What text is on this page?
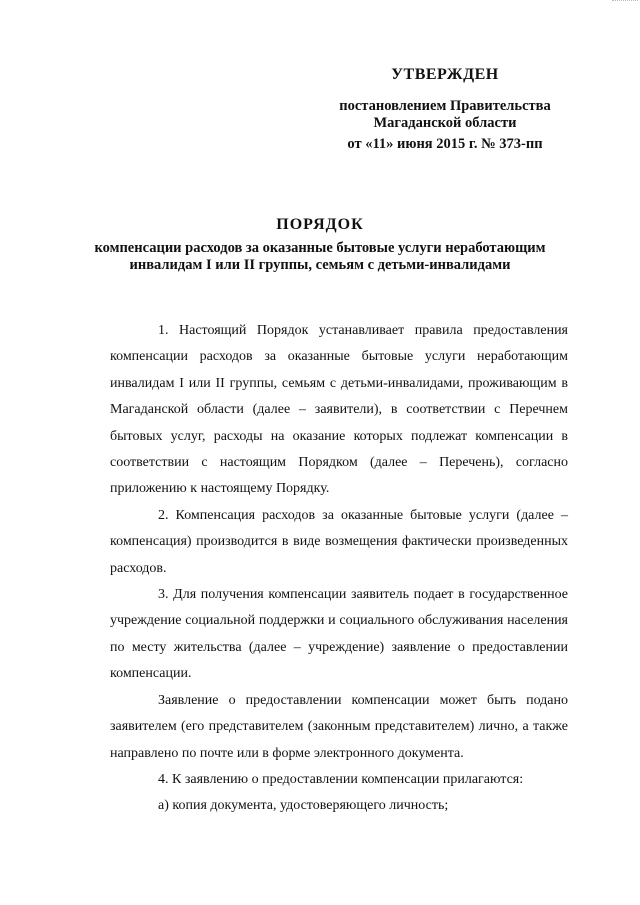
УТВЕРЖДЕН
постановлением Правительства
Магаданской области
от «11» июня 2015 г. № 373-пп
ПОРЯДОК
компенсации расходов за оказанные бытовые услуги неработающим
инвалидам I или II группы, семьям с детьми-инвалидами

1. Настоящий Порядок устанавливает правила предоставления компенсации расходов за оказанные бытовые услуги неработающим инвалидам I или II группы, семьям с детьми-инвалидами, проживающим в Магаданской области (далее – заявители), в соответствии с Перечнем бытовых услуг, расходы на оказание которых подлежат компенсации в соответствии с настоящим Порядком (далее – Перечень), согласно приложению к настоящему Порядку.

2. Компенсация расходов за оказанные бытовые услуги (далее – компенсация) производится в виде возмещения фактически произведенных расходов.

3. Для получения компенсации заявитель подает в государственное учреждение социальной поддержки и социального обслуживания населения по месту жительства (далее – учреждение) заявление о предоставлении компенсации.

Заявление о предоставлении компенсации может быть подано заявителем (его представителем (законным представителем) лично, а также направлено по почте или в форме электронного документа.

4. К заявлению о предоставлении компенсации прилагаются:

а) копия документа, удостоверяющего личность;
